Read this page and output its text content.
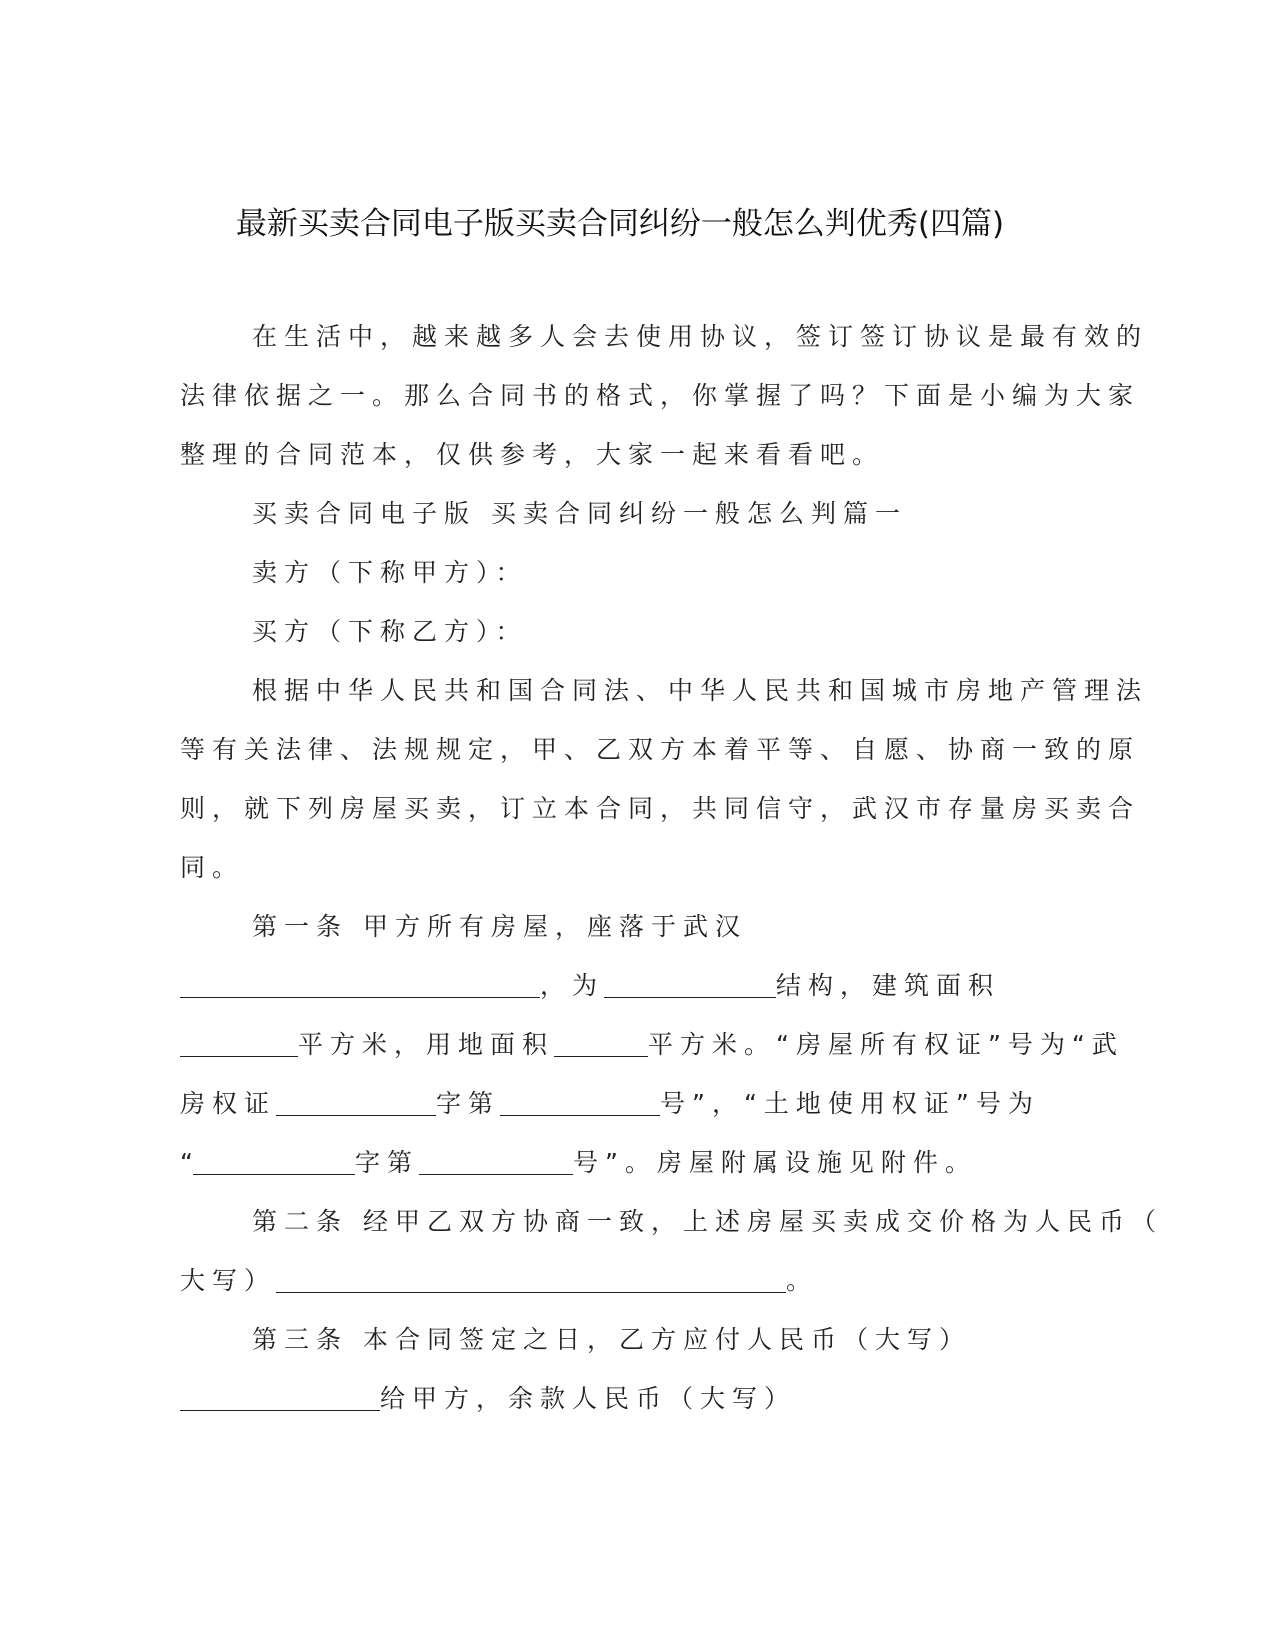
最新买卖合同电子版买卖合同纠纷一般怎么判优秀(四篇)
在生活中，越来越多人会去使用协议，签订签订协议是最有效的
法律依据之一。那么合同书的格式，你掌握了吗？下面是小编为大家
整理的合同范本，仅供参考，大家一起来看看吧。
买卖合同电子版 买卖合同纠纷一般怎么判篇一
卖方（下称甲方）：
买方（下称乙方）：
根据中华人民共和国合同法、中华人民共和国城市房地产管理法
等有关法律、法规规定，甲、乙双方本着平等、自愿、协商一致的原
则，就下列房屋买卖，订立本合同，共同信守，武汉市存量房买卖合
同。
第一条 甲方所有房屋，座落于武汉
，为	结构，建筑面积
平方米，用地面积	平方米。“房屋所有权证”号为“武
房权证	字第	号”，“土地使用权证”号为
“	字第	号”。房屋附属设施见附件。
第二条 经甲乙双方协商一致，上述房屋买卖成交价格为人民币（
大写）	。
第三条 本合同签定之日，乙方应付人民币（大写）
给甲方，余款人民币（大写）
